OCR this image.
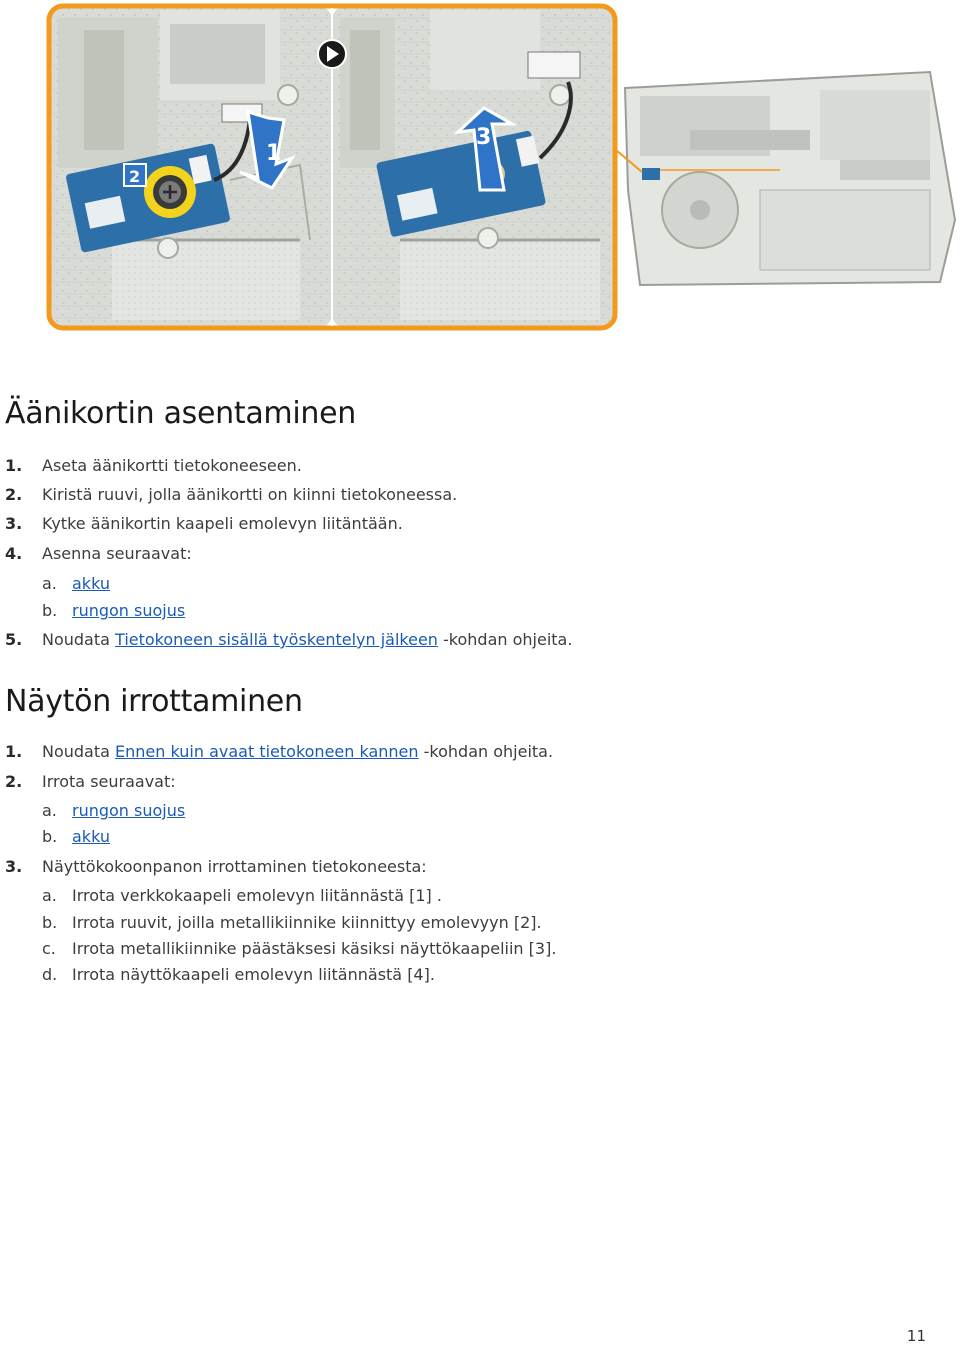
1
2
3
Äänikortin asentaminen
1. Aseta äänikortti tietokoneeseen.
2. Kiristä ruuvi, jolla äänikortti on kiinni tietokoneessa.
3. Kytke äänikortin kaapeli emolevyn liitäntään.
4. Asenna seuraavat:
a. akku
b. rungon suojus
5. Noudata Tietokoneen sisällä työskentelyn jälkeen -kohdan ohjeita.
Näytön irrottaminen
1. Noudata Ennen kuin avaat tietokoneen kannen -kohdan ohjeita.
2. Irrota seuraavat:
a. rungon suojus
b. akku
3. Näyttökokoonpanon irrottaminen tietokoneesta:
a. Irrota verkkokaapeli emolevyn liitännästä [1] .
b. Irrota ruuvit, joilla metallikiinnike kiinnittyy emolevyyn [2].
c. Irrota metallikiinnike päästäksesi käsiksi näyttökaapeliin [3].
d. Irrota näyttökaapeli emolevyn liitännästä [4].
11
